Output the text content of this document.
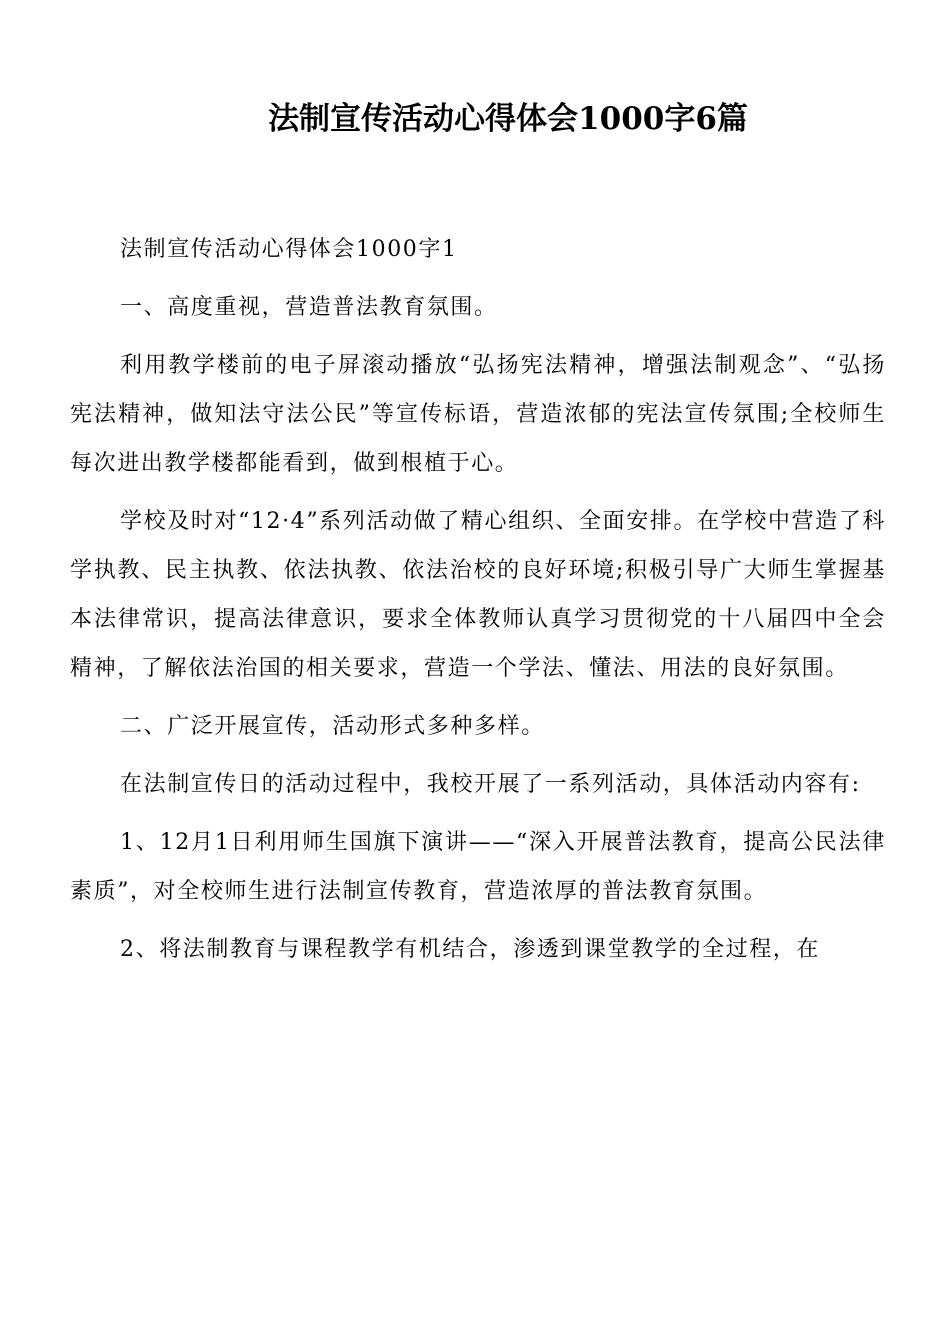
法制宣传活动心得体会1000字6篇

法制宣传活动心得体会1000字1

一、高度重视，营造普法教育氛围。

利用教学楼前的电子屏滚动播放“弘扬宪法精神，增强法制观念”、“弘扬宪法精神，做知法守法公民”等宣传标语，营造浓郁的宪法宣传氛围;全校师生每次进出教学楼都能看到，做到根植于心。

学校及时对“12·4”系列活动做了精心组织、全面安排。在学校中营造了科学执教、民主执教、依法执教、依法治校的良好环境;积极引导广大师生掌握基本法律常识，提高法律意识，要求全体教师认真学习贯彻党的十八届四中全会精神，了解依法治国的相关要求，营造一个学法、懂法、用法的良好氛围。

二、广泛开展宣传，活动形式多种多样。

在法制宣传日的活动过程中，我校开展了一系列活动，具体活动内容有:

1、12月1日利用师生国旗下演讲——“深入开展普法教育，提高公民法律素质”，对全校师生进行法制宣传教育，营造浓厚的普法教育氛围。

2、将法制教育与课程教学有机结合，渗透到课堂教学的全过程，在
